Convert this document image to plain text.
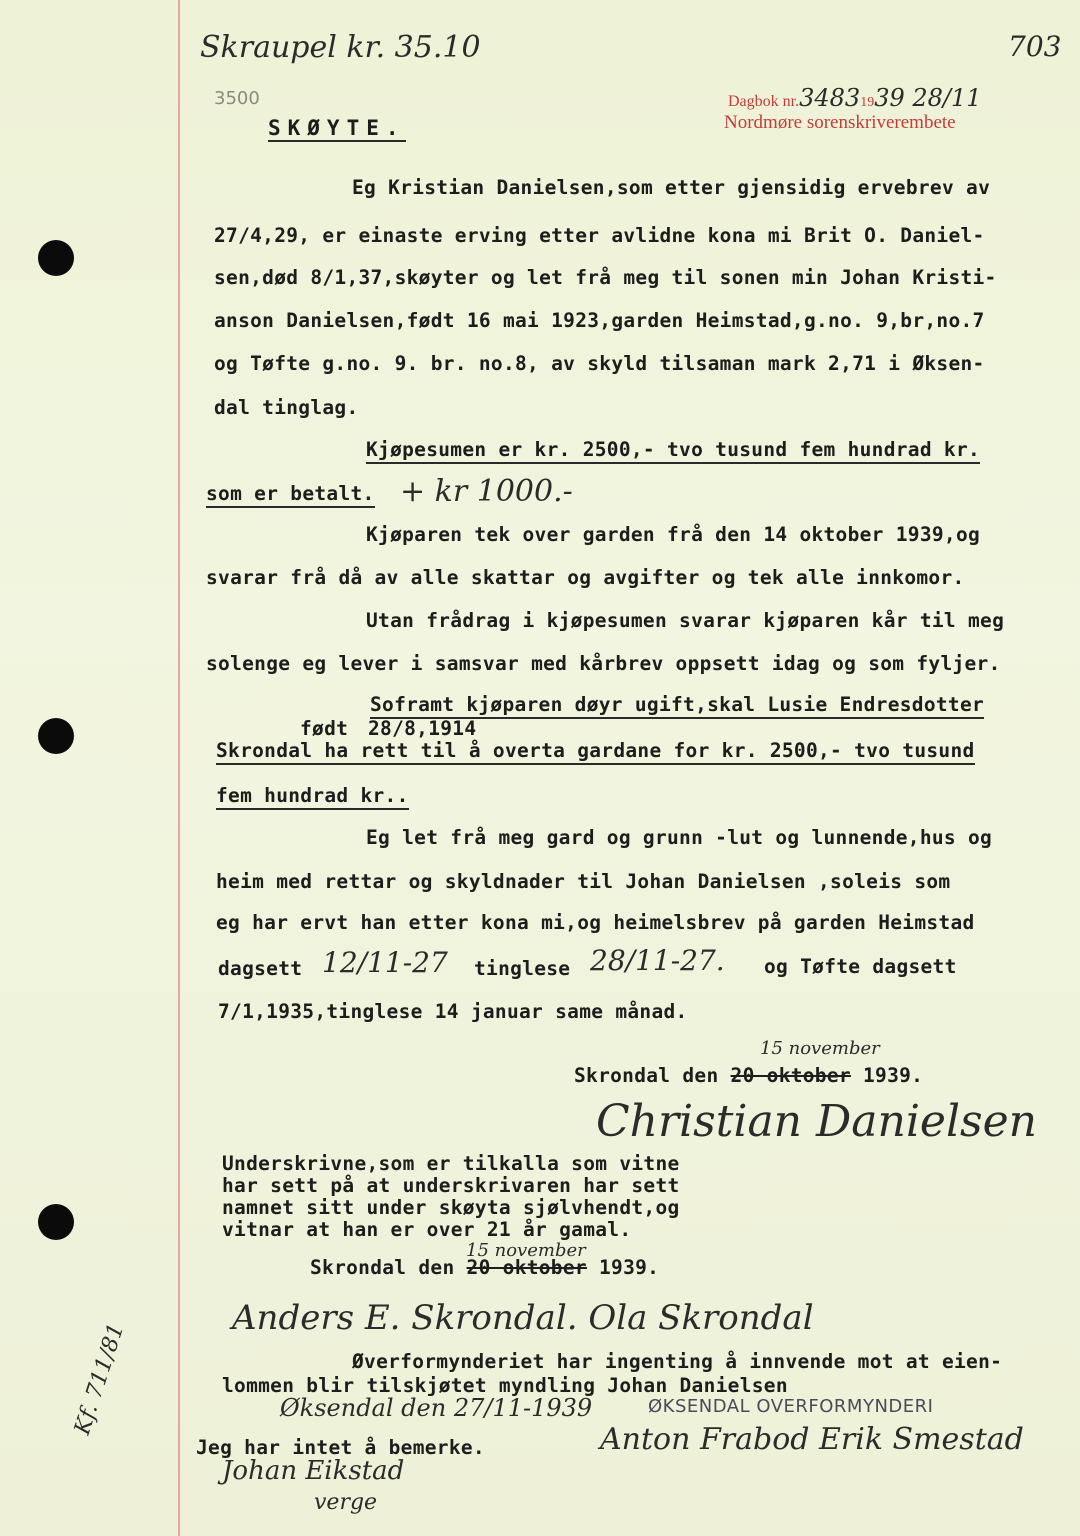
Skraupel kr. 35.10
3500
703
Dagbok nr.34831939 28/11
Nordmøre sorenskriverembete
SKØYTE.
Eg Kristian Danielsen,som etter gjensidig ervebrev av
27/4,29, er einaste erving etter avlidne kona mi Brit O. Daniel-
sen,død 8/1,37,skøyter og let frå meg til sonen min Johan Kristi-
anson Danielsen,født 16 mai 1923,garden Heimstad,g.no. 9,br,no.7
og Tøfte g.no. 9. br. no.8, av skyld tilsaman mark 2,71 i Øksen-
dal tinglag.
Kjøpesumen er kr. 2500,- tvo tusund fem hundrad kr.
som er betalt. + kr 1000.-
Kjøparen tek over garden frå den 14 oktober 1939,og
svarar frå då av alle skattar og avgifter og tek alle innkomor.
Utan frådrag i kjøpesumen svarar kjøparen kår til meg
solenge eg lever i samsvar med kårbrev oppsett idag og som fyljer.
Soframt kjøparen døyr ugift,skal Lusie Endresdotter
født 28/8,1914
Skrondal ha rett til å overta gardane for kr. 2500,- tvo tusund
fem hundrad kr..
Eg let frå meg gard og grunn -lut og lunnende,hus og
heim med rettar og skyldnader til Johan Danielsen ,soleis som
eg har ervt han etter kona mi,og heimelsbrev på garden Heimstad
dagsett 12/11-27 tinglese 28/11-27. og Tøfte dagsett
7/1,1935,tinglese 14 januar same månad.
15 november
Skrondal den 20 oktober 1939.
Christian Danielsen
Underskrivne,som er tilkalla som vitne
har sett på at underskrivaren har sett
namnet sitt under skøyta sjølvhendt,og
vitnar at han er over 21 år gamal.
15 november
Skrondal den 20 oktober 1939.
Anders E. Skrondal. Ola Skrondal
Øverformynderiet har ingenting å innvende mot at eien-
lommen blir tilskjøtet myndling Johan Danielsen
Øksendal den 27/11-1939	ØKSENDAL OVERFORMYNDERI
Jeg har intet å bemerke.	Anton Frabod Erik Smestad
Johan Eikstad
verge
Kf. 711/81
